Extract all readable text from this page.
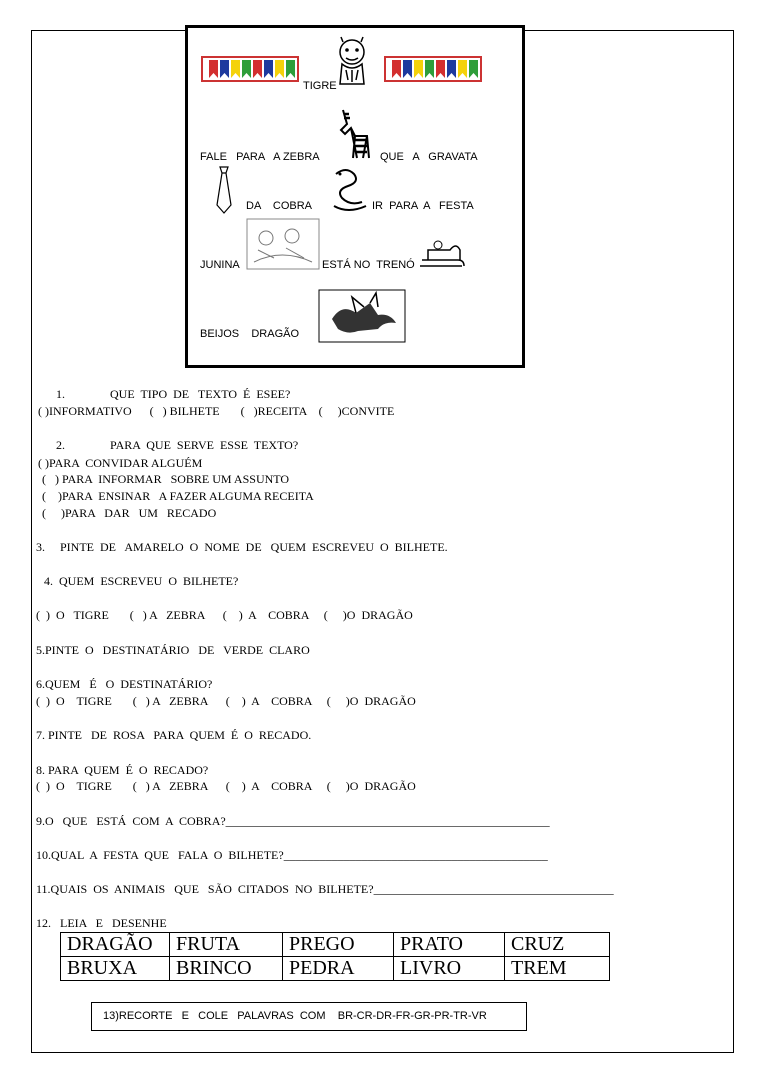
TIGRE
FALE   PARA   A ZEBRA	QUE   A   GRAVATA
DA    COBRA	IR  PARA  A   FESTA
JUNINA	ESTÁ NO  TRENÓ
BEIJOS    DRAGÃO
1.	QUE  TIPO  DE   TEXTO  É  ESEE?
( )INFORMATIVO      (   ) BILHETE       (   )RECEITA    (     )CONVITE
2.	PARA  QUE  SERVE  ESSE  TEXTO?
( )PARA  CONVIDAR ALGUÉM
(   ) PARA  INFORMAR   SOBRE UM ASSUNTO
(    )PARA  ENSINAR   A FAZER ALGUMA RECEITA
(     )PARA   DAR   UM   RECADO
3.     PINTE  DE   AMARELO  O  NOME  DE   QUEM  ESCREVEU  O  BILHETE.
4.  QUEM  ESCREVEU  O  BILHETE?
(  )  O   TIGRE       (   ) A   ZEBRA      (    )  A    COBRA     (     )O  DRAGÃO
5.PINTE  O   DESTINATÁRIO   DE   VERDE  CLARO
6.QUEM   É   O  DESTINATÁRIO?
(  )  O    TIGRE       (   ) A   ZEBRA      (    )  A    COBRA     (     )O  DRAGÃO
7. PINTE   DE  ROSA   PARA  QUEM  É  O  RECADO.
8. PARA  QUEM  É  O  RECADO?
(  )  O    TIGRE       (   ) A   ZEBRA      (    )  A    COBRA     (     )O  DRAGÃO
9.O   QUE   ESTÁ  COM  A  COBRA?______________________________________________________
10.QUAL  A  FESTA  QUE   FALA  O  BILHETE?____________________________________________
11.QUAIS  OS  ANIMAIS   QUE   SÃO  CITADOS  NO  BILHETE?________________________________________
12.   LEIA   E   DESENHE
DRAGÃO	FRUTA	PREGO	PRATO	CRUZ
BRUXA	BRINCO	PEDRA	LIVRO	TREM
13)RECORTE   E   COLE   PALAVRAS  COM    BR-CR-DR-FR-GR-PR-TR-VR
